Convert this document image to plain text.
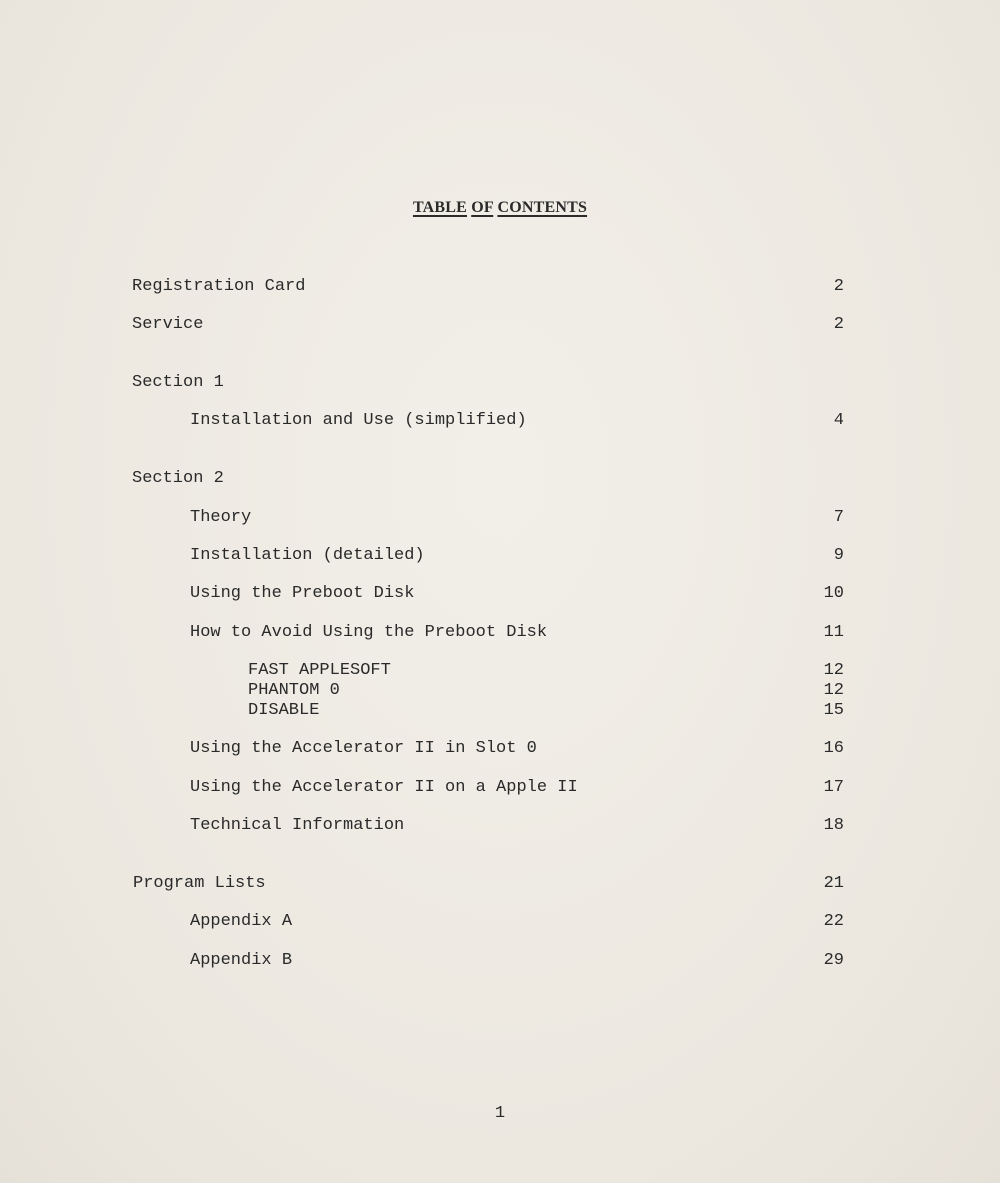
TABLE OF CONTENTS
Registration Card	2
Service	2
Section 1
Installation and Use (simplified)	4
Section 2
Theory	7
Installation (detailed)	9
Using the Preboot Disk	10
How to Avoid Using the Preboot Disk	11
FAST APPLESOFT	12
PHANTOM 0	12
DISABLE	15
Using the Accelerator II in Slot 0	16
Using the Accelerator II on a Apple II	17
Technical Information	18
Program Lists	21
Appendix A	22
Appendix B	29
1
